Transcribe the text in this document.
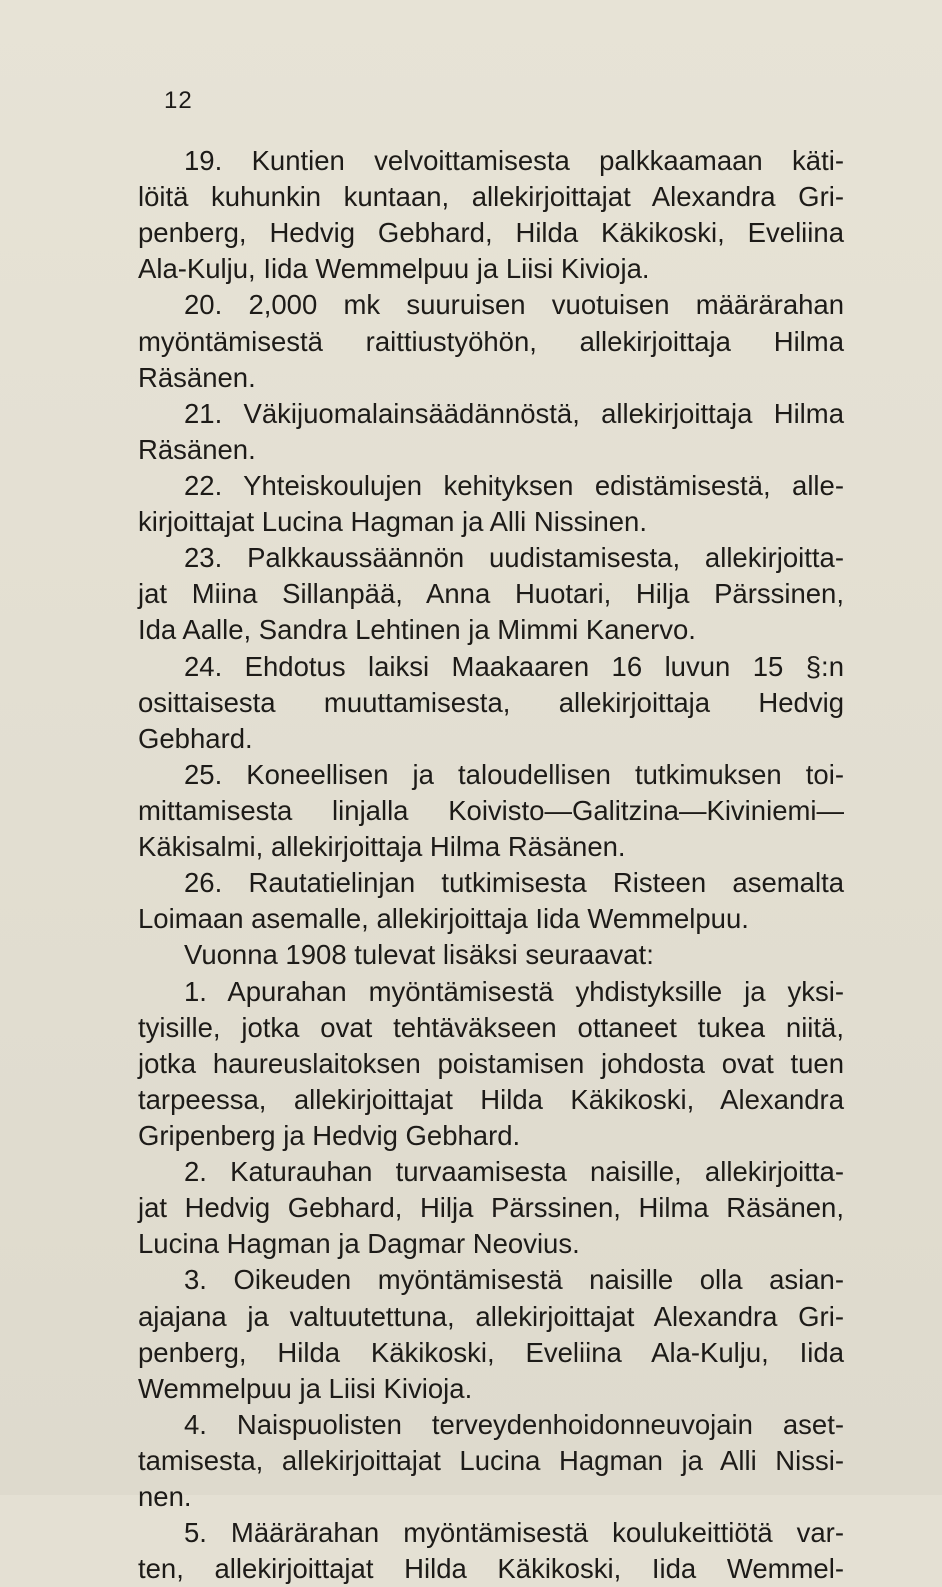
12
19. Kuntien velvoittamisesta palkkaamaan käti-
löitä kuhunkin kuntaan, allekirjoittajat Alexandra Gri-
penberg, Hedvig Gebhard, Hilda Käkikoski, Eveliina
Ala-Kulju, Iida Wemmelpuu ja Liisi Kivioja.
20. 2,000 mk suuruisen vuotuisen määrärahan
myöntämisestä raittiustyöhön, allekirjoittaja Hilma
Räsänen.
21. Väkijuomalainsäädännöstä, allekirjoittaja Hilma
Räsänen.
22. Yhteiskoulujen kehityksen edistämisestä, alle-
kirjoittajat Lucina Hagman ja Alli Nissinen.
23. Palkkaussäännön uudistamisesta, allekirjoitta-
jat Miina Sillanpää, Anna Huotari, Hilja Pärssinen,
Ida Aalle, Sandra Lehtinen ja Mimmi Kanervo.
24. Ehdotus laiksi Maakaaren 16 luvun 15 §:n
osittaisesta muuttamisesta, allekirjoittaja Hedvig
Gebhard.
25. Koneellisen ja taloudellisen tutkimuksen toi-
mittamisesta linjalla Koivisto—Galitzina—Kiviniemi—
Käkisalmi, allekirjoittaja Hilma Räsänen.
26. Rautatielinjan tutkimisesta Risteen asemalta
Loimaan asemalle, allekirjoittaja Iida Wemmelpuu.
Vuonna 1908 tulevat lisäksi seuraavat:
1. Apurahan myöntämisestä yhdistyksille ja yksi-
tyisille, jotka ovat tehtäväkseen ottaneet tukea niitä,
jotka haureuslaitoksen poistamisen johdosta ovat tuen
tarpeessa, allekirjoittajat Hilda Käkikoski, Alexandra
Gripenberg ja Hedvig Gebhard.
2. Katurauhan turvaamisesta naisille, allekirjoitta-
jat Hedvig Gebhard, Hilja Pärssinen, Hilma Räsänen,
Lucina Hagman ja Dagmar Neovius.
3. Oikeuden myöntämisestä naisille olla asian-
ajajana ja valtuutettuna, allekirjoittajat Alexandra Gri-
penberg, Hilda Käkikoski, Eveliina Ala-Kulju, Iida
Wemmelpuu ja Liisi Kivioja.
4. Naispuolisten terveydenhoidonneuvojain aset-
tamisesta, allekirjoittajat Lucina Hagman ja Alli Nissi-
nen.
5. Määrärahan myöntämisestä koulukeittiötä var-
ten, allekirjoittajat Hilda Käkikoski, Iida Wemmel-
